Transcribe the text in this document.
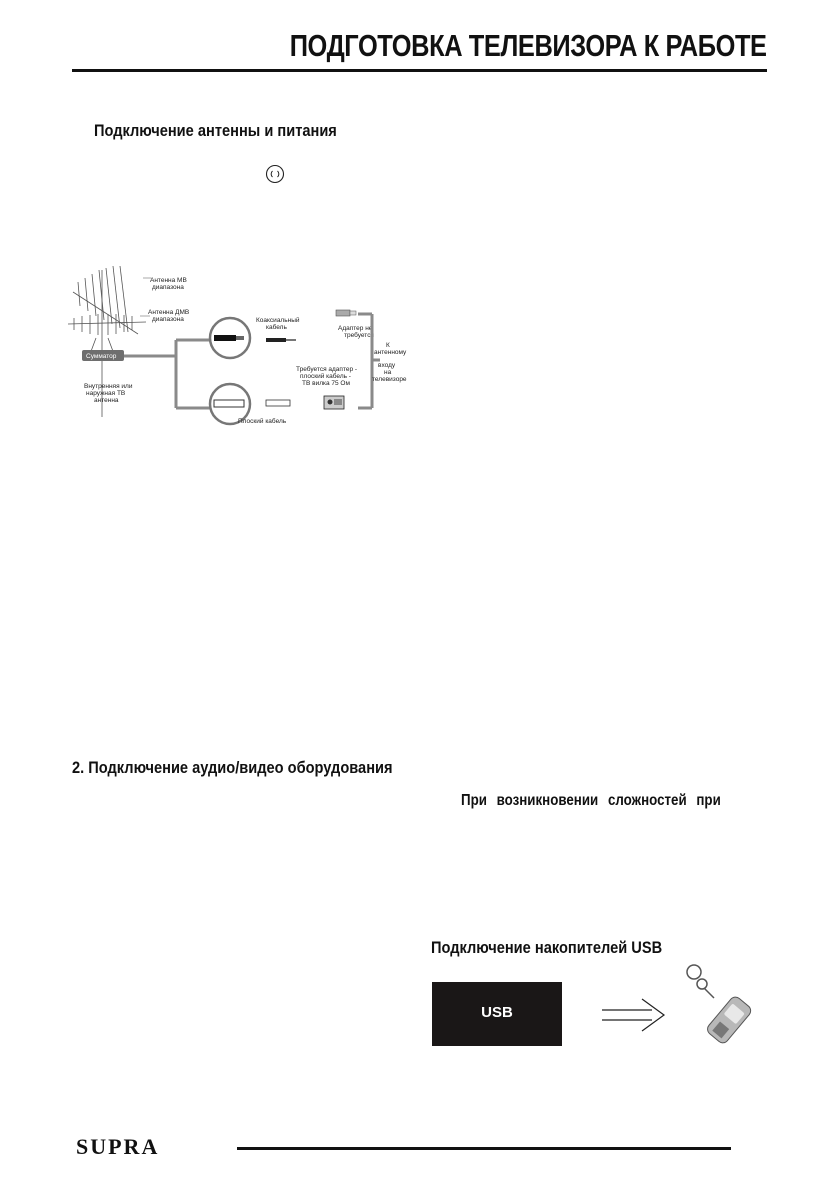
ПОДГОТОВКА ТЕЛЕВИЗОРА К РАБОТЕ
Подключение антенны и питания
Антенна МВ
диапазона
Антенна ДМВ
диапазона
Сумматор
Внутренняя или
наружная ТВ
антенна
Коаксиальный
кабель
Плоский кабель
Адаптер не
требуется
Требуется адаптер -
плоский кабель -
ТВ вилка 75 Ом
К
антенному
входу
на
телевизоре
2. Подключение аудио/видео оборудования
При возникновении сложностей при
Подключение накопителей USB
USB
SUPRA
